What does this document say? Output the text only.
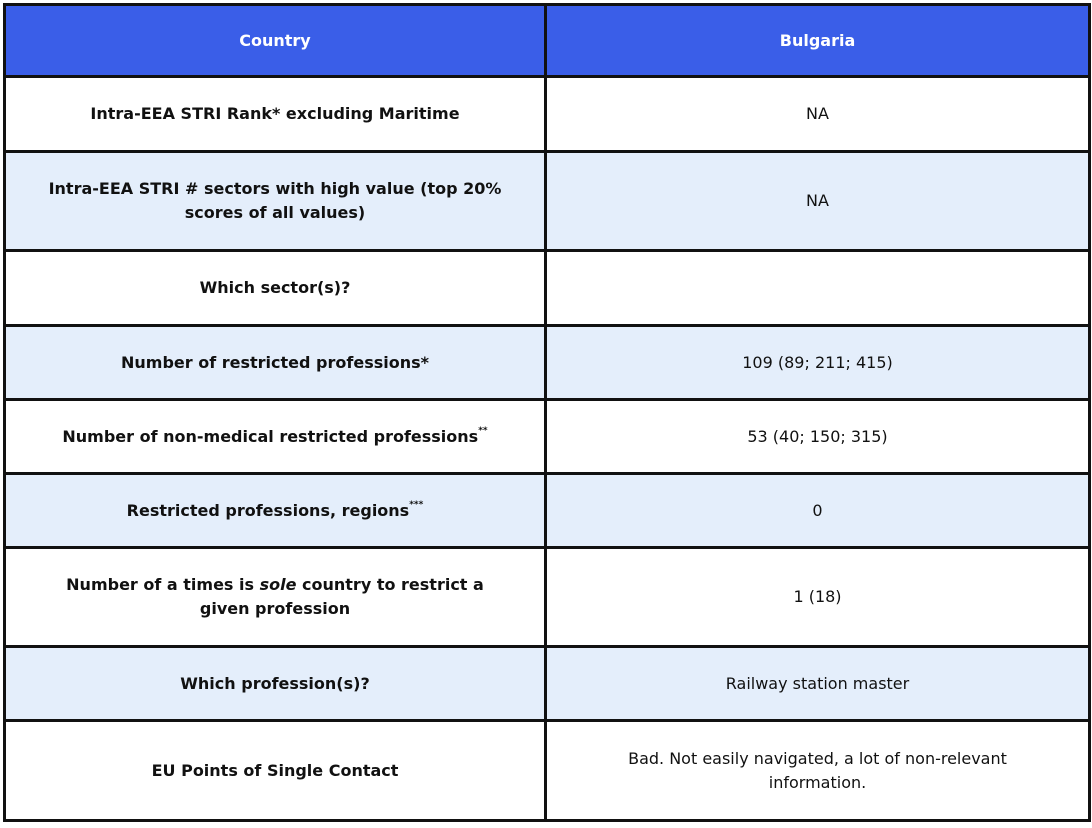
Country	Bulgaria
Intra-EEA STRI Rank* excluding Maritime	NA
Intra-EEA STRI # sectors with high value (top 20% scores of all values)	NA
Which sector(s)?	
Number of restricted professions*	109 (89; 211; 415)
Number of non-medical restricted professions**	53 (40; 150; 315)
Restricted professions, regions***	0
Number of a times is sole country to restrict a given profession	1 (18)
Which profession(s)?	Railway station master
EU Points of Single Contact	Bad. Not easily navigated, a lot of non-relevant information.
